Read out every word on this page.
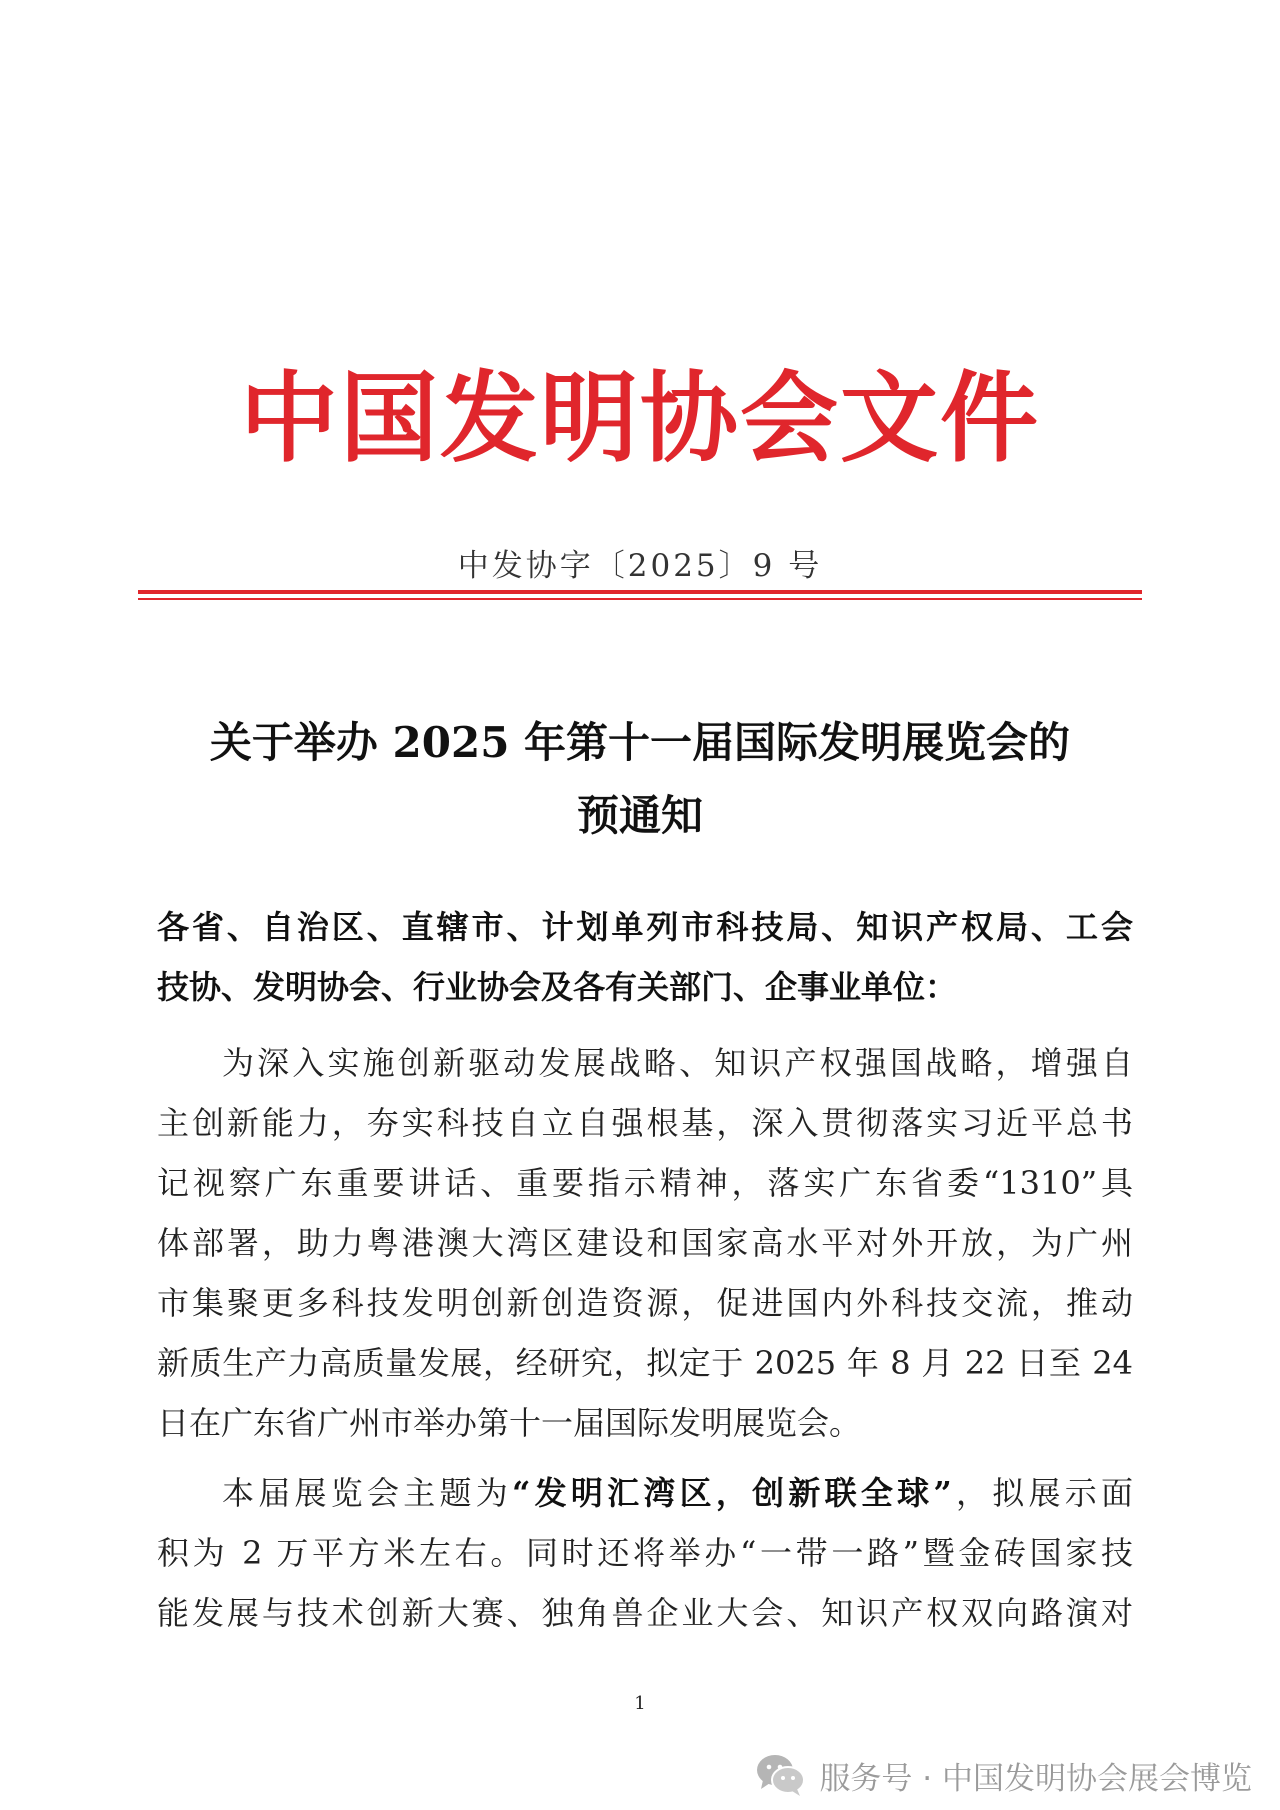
中国发明协会文件
中发协字〔2025〕9 号
关于举办 2025 年第十一届国际发明展览会的
预通知
各省、自治区、直辖市、计划单列市科技局、知识产权局、工会
技协、发明协会、行业协会及各有关部门、企事业单位：
为深入实施创新驱动发展战略、知识产权强国战略，增强自
主创新能力，夯实科技自立自强根基，深入贯彻落实习近平总书
记视察广东重要讲话、重要指示精神，落实广东省委“1310”具
体部署，助力粤港澳大湾区建设和国家高水平对外开放，为广州
市集聚更多科技发明创新创造资源，促进国内外科技交流，推动
新质生产力高质量发展，经研究，拟定于 2025 年 8 月 22 日至 24
日在广东省广州市举办第十一届国际发明展览会。
本届展览会主题为“发明汇湾区，创新联全球”，拟展示面
积为 2 万平方米左右。同时还将举办“一带一路”暨金砖国家技
能发展与技术创新大赛、独角兽企业大会、知识产权双向路演对
1
服务号 · 中国发明协会展会博览
